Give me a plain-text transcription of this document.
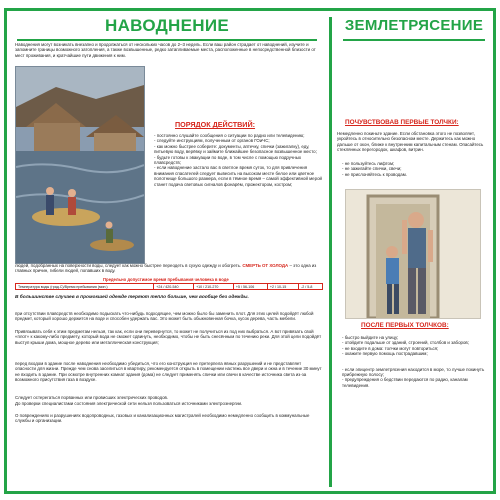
НАВОДНЕНИЕ
Наводнения могут возникать внезапно и продолжаться от нескольких часов до 2–3 недель. Если ваш район страдает от наводнений, изучите и запомните границы возможного затопления, а также возвышенные, редко затапливаемые места, расположенные в непосредственной близости от мест проживания, и кратчайшие пути движения к ним.
ПОРЯДОК ДЕЙСТВИЙ:
- постоянно слушайте сообщения о ситуации по радио или телевидению;
- следуйте инструкциям, полученным от органов ГОиЧС;
- как можно быстрее соберите: документы, аптечку, спички (зажигалку), еду, питьевую воду, верёвку и займите ближайшее безопасное возвышенное место;
- будьте готовы к эвакуации по воде, в том числе с помощью подручных плавсредств;
- если наводнение застало вас в светлое время суток, то для привлечения внимания спасателей следует вывесить на высоком месте белое или цветное полотнище большого размера, если в тёмное время – самой эффективной мерой станет подача световых сигналов фонарём, прожектором, костром;
людей, подобранных на поверхности воды, следует как можно быстрее переодеть в сухую одежду и обогреть. СМЕРТЬ ОТ ХОЛОДА – это одна из главных причин, гибели людей, попавших в воду.
Предельно допустимое время пребывания человека в воде
Температура воды (град.С)/Время пребывания (мин.)	+24 / 420-540	+10 / 210-270	+5 / 56-106	+2 / 10-15	-2 / 5-8
В большинстве случаев в промокшей одежде теряют тепло больше, чем вообще без одежды.
при отсутствии плавсредств необходимо подыскать что-нибудь подходящее, чем можно было бы заменить плот. Для этих целей подойдёт любой предмет, который хорошо держится на воде и способен удержать вас. Это может быть обыкновенная бочка, кусок дерева, часть мебели.
Привязывать себя к этим предметам нельзя, так как, если они перевернутся, то может не получиться из под них выбраться. А вот привязать свой «плот» к какому-либо предмету, который вода не сможет сдвинуть, необходимо, чтобы не быть снесённым по течению реки. Для этой цели подойдёт выступ крыши дома, мощное дерево или металлическая конструкция;
перед входом в здание после наводнения необходимо убедиться, что его конструкция не претерпела явных разрушений и не представляет опасности для жизни. Прежде чем снова заселиться в квартиру, рекомендуется открыть в помещении настежь все двери и окна и в течение 30 минут не входить в здание. При осмотре внутренних комнат здания (дома) не следует применять спички или свечи в качестве источника света из-за возможного присутствия газа в воздухе.
Следует остерегаться порванных или провисших электрических проводов.
До проверки специалистами состояния электрической сети нельзя пользоваться источниками электроэнергии.
О повреждениях и разрушениях водопроводных, газовых и канализационных магистралей необходимо немедленно сообщить в коммунальные службы и организации.
ЗЕМЛЕТРЯСЕНИЕ
ПОЧУВСТВОВАВ ПЕРВЫЕ ТОЛЧКИ:
Немедленно покиньте здание. Если обстановка этого не позволяет, укройтесь в относительно безопасном месте. Держитесь как можно дальше от окон, ближе к внутренним капитальным стенам. Опасайтесь стеклянных перегородок, шкафов, витрин.
- не пользуйтесь лифтом;
- не зажигайте спички, свечи;
- не прислоняйтесь к проводам.
ПОСЛЕ ПЕРВЫХ ТОЛЧКОВ:
- быстро выйдите на улицу;
- отойдите подальше от зданий, строений, столбов и заборов;
- не входите в дома: толчки могут повториться;
- окажите первую помощь пострадавшим;
- если эпицентр землетрясения находится в море, то лучше покинуть прибрежную полосу;
- предупреждения о бедствии передаются по радио, каналам телевидения.
